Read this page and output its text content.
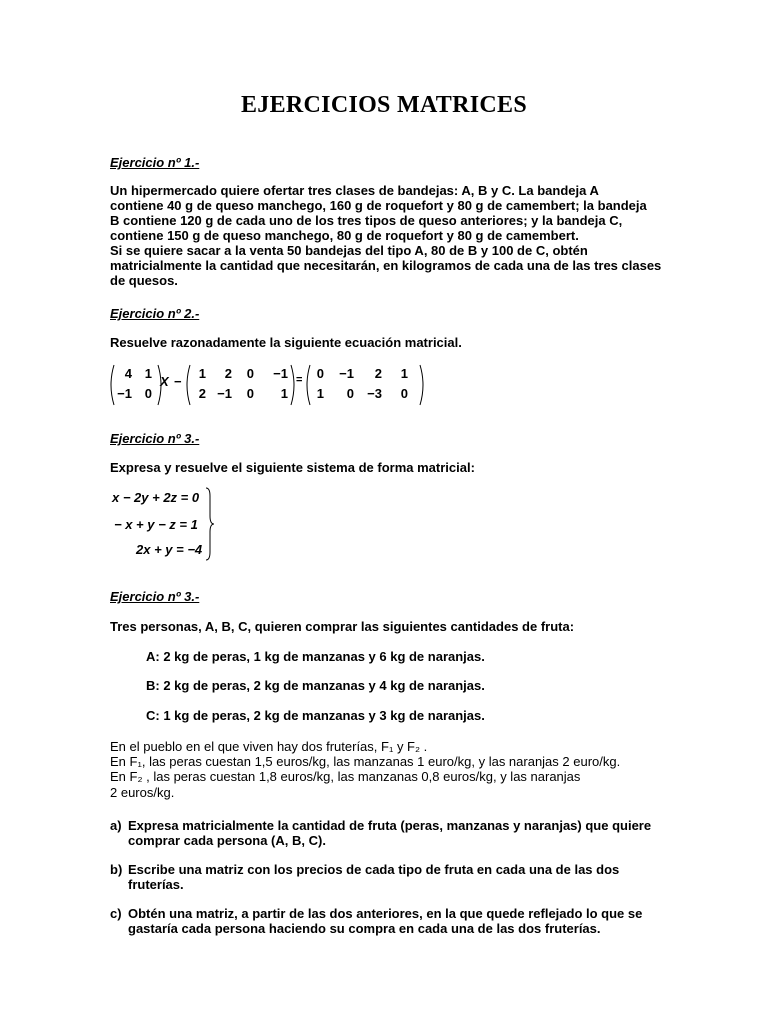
EJERCICIOS MATRICES
Ejercicio nº 1.-

Un hipermercado quiere ofertar tres clases de bandejas: A, B y C. La bandeja A

contiene 40 g de queso manchego, 160 g de roquefort y 80 g de camembert; la bandeja

B contiene 120 g de cada uno de los tres tipos de queso anteriores; y la bandeja C,

contiene 150 g de queso manchego, 80 g de roquefort y 80 g de camembert.

Si se quiere sacar a la venta 50 bandejas del tipo A, 80 de B y 100 de C, obtén

matricialmente la cantidad que necesitarán, en kilogramos de cada una de las tres clases

de quesos.

Ejercicio nº 2.-
Resuelve razonadamente la siguiente ecuación matricial.
4 1
−1 0
X −
1	2	0	−1
2 −1	0	1
=	0	−1	2	1
1	0	−3	0
Ejercicio nº 3.-
Expresa y resuelve el siguiente sistema de forma matricial:
x − 2y + 2z = 0
− x + y − z = 1
2x + y = −4
Ejercicio nº 3.-
Tres personas, A, B, C, quieren comprar las siguientes cantidades de fruta:
A: 2 kg de peras, 1 kg de manzanas y 6 kg de naranjas.
B: 2 kg de peras, 2 kg de manzanas y 4 kg de naranjas.
C: 1 kg de peras, 2 kg de manzanas y 3 kg de naranjas.
En el pueblo en el que viven hay dos fruterías, F₁ y F₂ .
En F₁, las peras cuestan 1,5 euros/kg, las manzanas 1 euro/kg, y las naranjas 2 euro/kg.
En F₂ , las peras cuestan 1,8 euros/kg, las manzanas 0,8 euros/kg, y las naranjas
2 euros/kg.
a) Expresa matricialmente la cantidad de fruta (peras, manzanas y naranjas) que quiere
comprar cada persona (A, B, C).
b) Escribe una matriz con los precios de cada tipo de fruta en cada una de las dos
fruterías.
c) Obtén una matriz, a partir de las dos anteriores, en la que quede reflejado lo que se
gastaría cada persona haciendo su compra en cada una de las dos fruterías.
